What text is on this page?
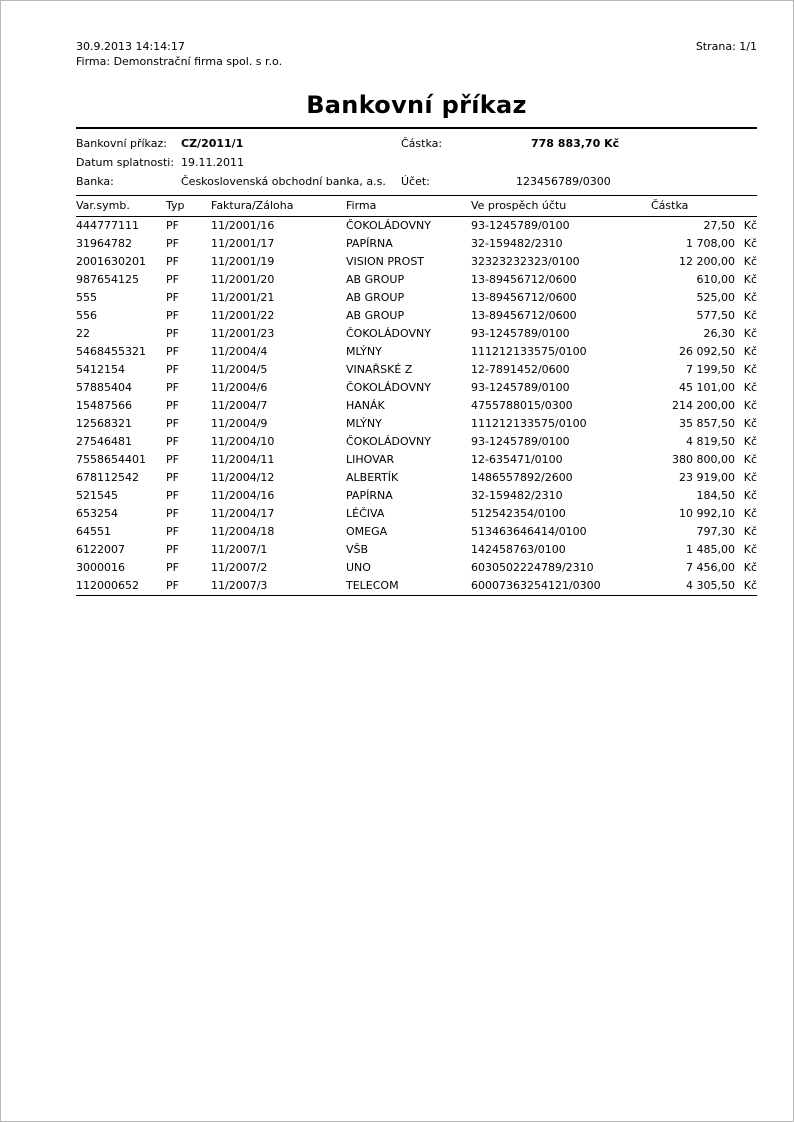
30.9.2013 14:14:17	Strana: 1/1
Firma: Demonstrační firma spol. s r.o.
Bankovní příkaz
Bankovní příkaz: CZ/2011/1	Částka:	778 883,70 Kč
Datum splatnosti: 19.11.2011
Banka:	Československá obchodní banka, a.s. Účet:	123456789/0300
Var.symb.	Typ	Faktura/Záloha	Firma	Ve prospěch účtu	Částka
444777111	PF	11/2001/16	ČOKOLÁDOVNY	93-1245789/0100	27,50 Kč
31964782	PF	11/2001/17	PAPÍRNA	32-159482/2310	1 708,00 Kč
2001630201	PF	11/2001/19	VISION PROST	32323232323/0100	12 200,00 Kč
987654125	PF	11/2001/20	AB GROUP	13-89456712/0600	610,00 Kč
555	PF	11/2001/21	AB GROUP	13-89456712/0600	525,00 Kč
556	PF	11/2001/22	AB GROUP	13-89456712/0600	577,50 Kč
22	PF	11/2001/23	ČOKOLÁDOVNY	93-1245789/0100	26,30 Kč
5468455321	PF	11/2004/4	MLÝNY	111212133575/0100	26 092,50 Kč
5412154	PF	11/2004/5	VINAŘSKÉ Z	12-7891452/0600	7 199,50 Kč
57885404	PF	11/2004/6	ČOKOLÁDOVNY	93-1245789/0100	45 101,00 Kč
15487566	PF	11/2004/7	HANÁK	4755788015/0300	214 200,00 Kč
12568321	PF	11/2004/9	MLÝNY	111212133575/0100	35 857,50 Kč
27546481	PF	11/2004/10	ČOKOLÁDOVNY	93-1245789/0100	4 819,50 Kč
7558654401	PF	11/2004/11	LIHOVAR	12-635471/0100	380 800,00 Kč
678112542	PF	11/2004/12	ALBERTÍK	1486557892/2600	23 919,00 Kč
521545	PF	11/2004/16	PAPÍRNA	32-159482/2310	184,50 Kč
653254	PF	11/2004/17	LÉČIVA	512542354/0100	10 992,10 Kč
64551	PF	11/2004/18	OMEGA	513463646414/0100	797,30 Kč
6122007	PF	11/2007/1	VŠB	142458763/0100	1 485,00 Kč
3000016	PF	11/2007/2	UNO	6030502224789/2310	7 456,00 Kč
112000652	PF	11/2007/3	TELECOM	60007363254121/0300	4 305,50 Kč
